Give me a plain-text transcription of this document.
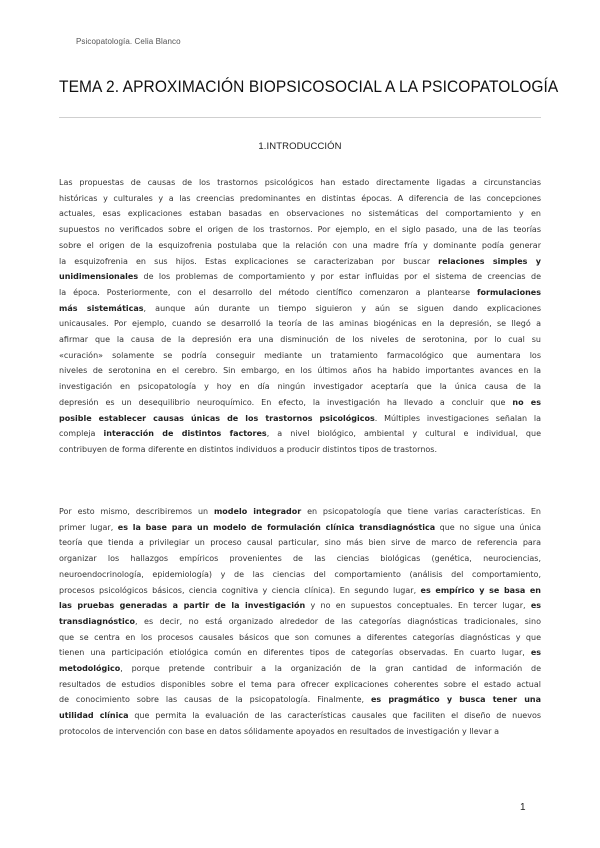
Psicopatología. Celia Blanco
TEMA 2. APROXIMACIÓN BIOPSICOSOCIAL A LA PSICOPATOLOGÍA
1.INTRODUCCIÓN
Las propuestas de causas de los trastornos psicológicos han estado directamente ligadas a circunstancias
históricas y culturales y a las creencias predominantes en distintas épocas. A diferencia de las concepciones
actuales, esas explicaciones estaban basadas en observaciones no sistemáticas del comportamiento y en
supuestos no verificados sobre el origen de los trastornos. Por ejemplo, en el siglo pasado, una de las teorías
sobre el origen de la esquizofrenia postulaba que la relación con una madre fría y dominante podía generar
la esquizofrenia en sus hijos. Estas explicaciones se caracterizaban por buscar relaciones simples y
unidimensionales de los problemas de comportamiento y por estar influidas por el sistema de creencias de
la época. Posteriormente, con el desarrollo del método científico comenzaron a plantearse formulaciones
más sistemáticas, aunque aún durante un tiempo siguieron y aún se siguen dando explicaciones
unicausales. Por ejemplo, cuando se desarrolló la teoría de las aminas biogénicas en la depresión, se llegó a
afirmar que la causa de la depresión era una disminución de los niveles de serotonina, por lo cual su
«curación» solamente se podría conseguir mediante un tratamiento farmacológico que aumentara los
niveles de serotonina en el cerebro. Sin embargo, en los últimos años ha habido importantes avances en la
investigación en psicopatología y hoy en día ningún investigador aceptaría que la única causa de la
depresión es un desequilibrio neuroquímico. En efecto, la investigación ha llevado a concluir que no es
posible establecer causas únicas de los trastornos psicológicos. Múltiples investigaciones señalan la
compleja interacción de distintos factores, a nivel biológico, ambiental y cultural e individual, que
contribuyen de forma diferente en distintos individuos a producir distintos tipos de trastornos.
Por esto mismo, describiremos un modelo integrador en psicopatología que tiene varias características. En
primer lugar, es la base para un modelo de formulación clínica transdiagnóstica que no sigue una única
teoría que tienda a privilegiar un proceso causal particular, sino más bien sirve de marco de referencia para
organizar los hallazgos empíricos provenientes de las ciencias biológicas (genética, neurociencias,
neuroendocrinología, epidemiología) y de las ciencias del comportamiento (análisis del comportamiento,
procesos psicológicos básicos, ciencia cognitiva y ciencia clínica). En segundo lugar, es empírico y se basa en
las pruebas generadas a partir de la investigación y no en supuestos conceptuales. En tercer lugar, es
transdiagnóstico, es decir, no está organizado alrededor de las categorías diagnósticas tradicionales, sino
que se centra en los procesos causales básicos que son comunes a diferentes categorías diagnósticas y que
tienen una participación etiológica común en diferentes tipos de categorías observadas. En cuarto lugar, es
metodológico, porque pretende contribuir a la organización de la gran cantidad de información de
resultados de estudios disponibles sobre el tema para ofrecer explicaciones coherentes sobre el estado actual
de conocimiento sobre las causas de la psicopatología. Finalmente, es pragmático y busca tener una
utilidad clínica que permita la evaluación de las características causales que faciliten el diseño de nuevos
protocolos de intervención con base en datos sólidamente apoyados en resultados de investigación y llevar a
1
